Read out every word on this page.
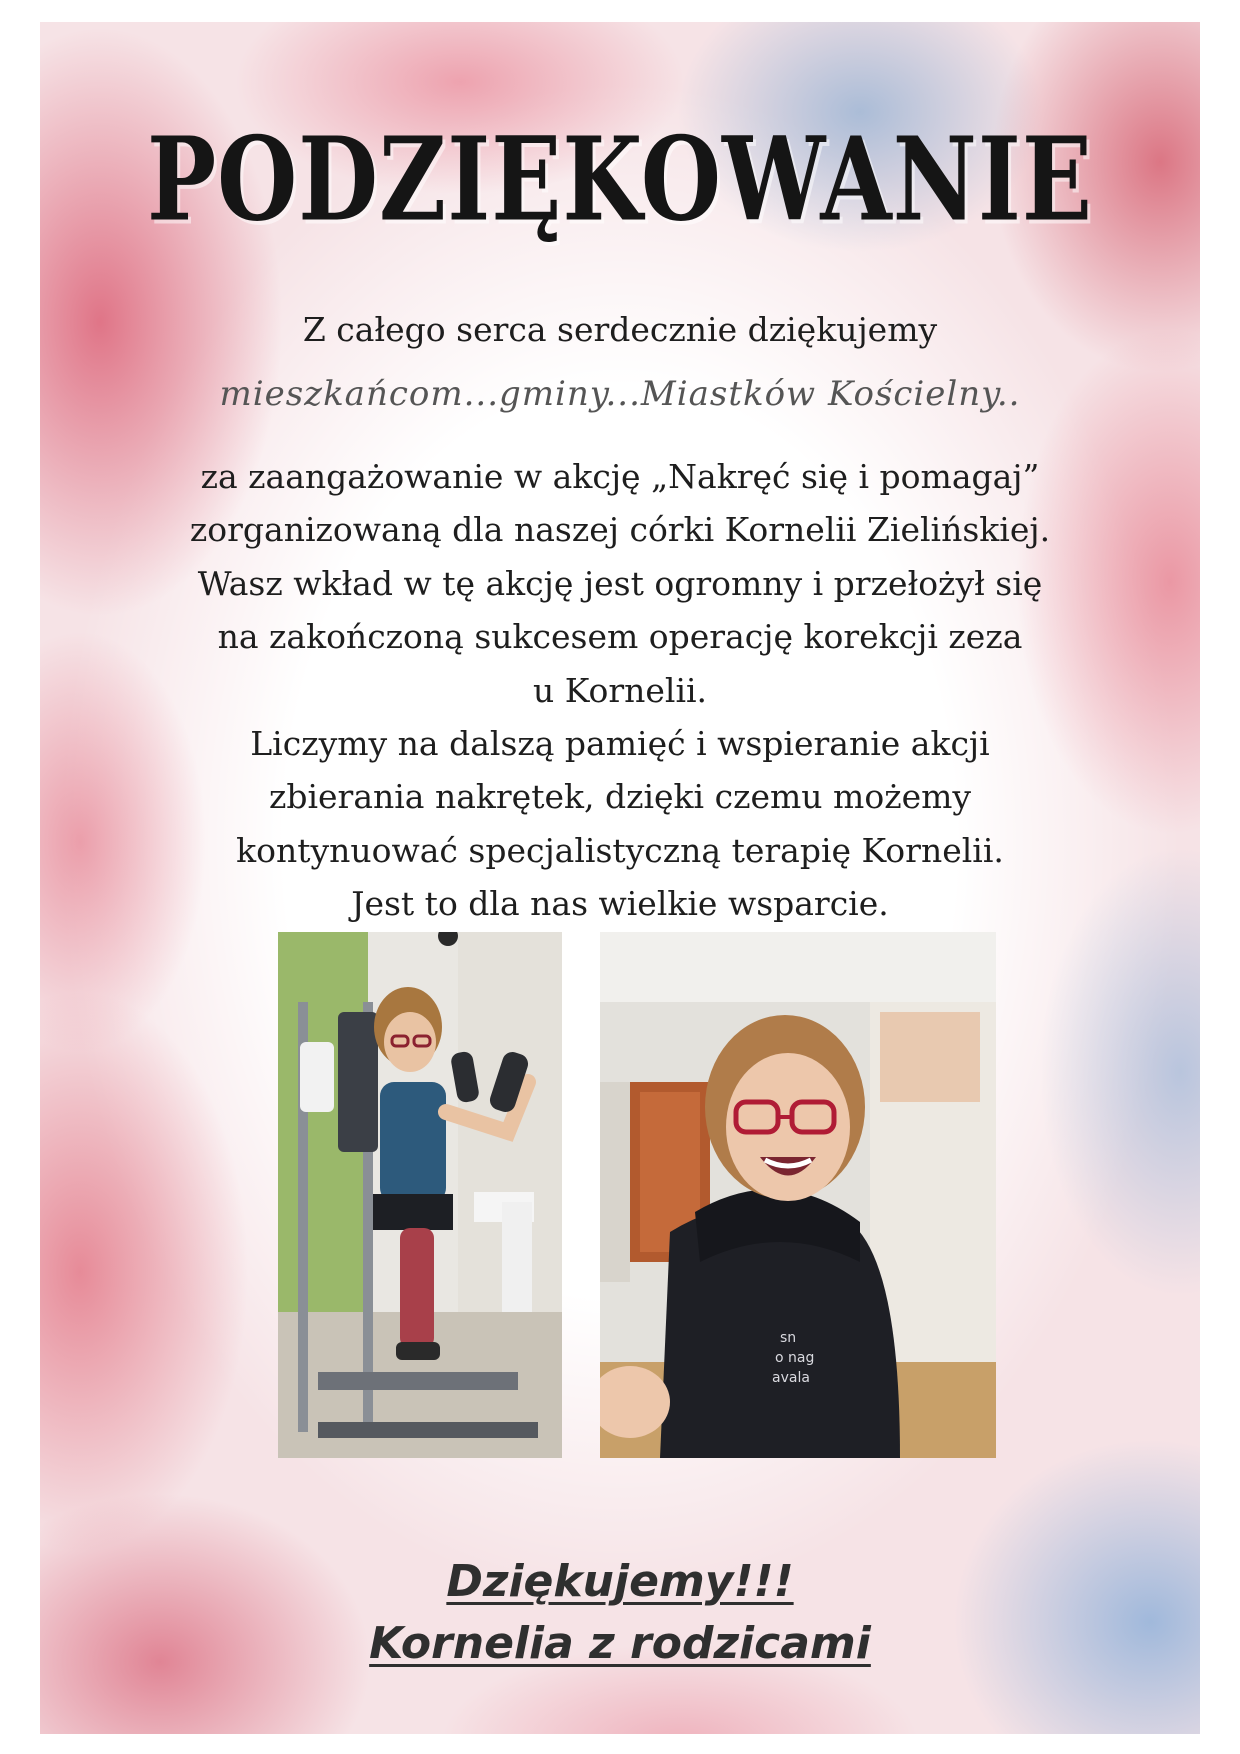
PODZIĘKOWANIE

Z całego serca serdecznie dziękujemy

mieszkańcom...gminy...Miastków Kościelny..
za zaangażowanie w akcję „Nakręć się i pomagaj”
zorganizowaną dla naszej córki Kornelii Zielińskiej.
Wasz wkład w tę akcję jest ogromny i przełożył się
na zakończoną sukcesem operację korekcji zeza
u Kornelii.
Liczymy na dalszą pamięć i wspieranie akcji
zbierania nakrętek, dzięki czemu możemy
kontynuować specjalistyczną terapię Kornelii.
Jest to dla nas wielkie wsparcie.
sn
o nag
avala

Dziękujemy!!!

Kornelia z rodzicami
